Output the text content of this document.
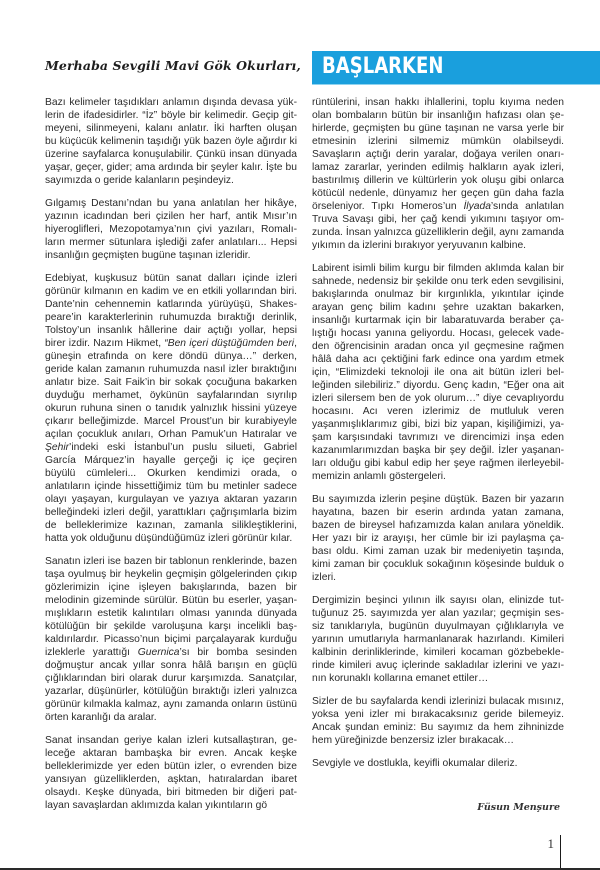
Merhaba Sevgili Mavi Gök Okurları, BAŞLARKEN

Bazı kelimeler taşıdıkları anlamın dışında devasa yüklerin de ifadesidirler. “İz” böyle bir kelimedir. Geçip gitmeyeni, silinmeyeni, kalanı anlatır. İki harften oluşan bu küçücük kelimenin taşıdığı yük bazen öyle ağırdır ki üzerine sayfalarca konuşulabilir. Çünkü insan dünyada yaşar, geçer, gider; ama ardında bir şeyler kalır. İşte bu sayımızda o geride kalanların peşindeyiz.

Gılgamış Destanı’ndan bu yana anlatılan her hikâye, yazının icadından beri çizilen her harf, antik Mısır’ın hiyeroglifleri, Mezopotamya’nın çivi yazıları, Romalıların mermer sütunlara işlediği zafer anlatıları... Hepsi insanlığın geçmişten bugüne taşınan izleridir.

Edebiyat, kuşkusuz bütün sanat dalları içinde izleri görünür kılmanın en kadim ve en etkili yollarından biri. Dante’nin cehennemin katlarında yürüyüşü, Shakespeare’in karakterlerinin ruhumuzda bıraktığı derinlik, Tolstoy’un insanlık hâllerine dair açtığı yollar, hepsi birer izdir. Nazım Hikmet, “Ben içeri düştüğümden beri, güneşin etrafında on kere döndü dünya…” derken, geride kalan zamanın ruhumuzda nasıl izler bıraktığını anlatır bize. Sait Faik’in bir sokak çocuğuna bakarken duyduğu merhamet, öykünün sayfalarından sıyrılıp okurun ruhuna sinen o tanıdık yalnızlık hissini yüzeye çıkarır belleğimizde. Marcel Proust’un bir kurabiyeyle açılan çocukluk anıları, Orhan Pamuk’un Hatıralar ve Şehir’indeki eski İstanbul’un puslu silueti, Gabriel García Márquez’in hayalle gerçeği iç içe geçiren büyülü cümleleri... Okurken kendimizi orada, o anlatıların içinde hissettiğimiz tüm bu metinler sadece olayı yaşayan, kurgulayan ve yazıya aktaran yazarın belleğindeki izleri değil, yarattıkları çağrışımlarla bizim de belleklerimize kazınan, zamanla silikleştiklerini, hatta yok olduğunu düşündüğümüz izleri görünür kılar.

Sanatın izleri ise bazen bir tablonun renklerinde, bazen taşa oyulmuş bir heykelin geçmişin gölgelerinden çıkıp gözlerimizin içine işleyen bakışlarında, bazen bir melodinin gizeminde sürülür. Bütün bu eserler, yaşanmışlıkların estetik kalıntıları olması yanında dünyada kötülüğün bir şekilde varoluşuna karşı incelikli başkaldırılardır. Picasso’nun biçimi parçalayarak kurduğu izleklerle yarattığı Guernica’sı bir bomba sesinden doğmuştur ancak yıllar sonra hâlâ barışın en güçlü çığlıklarından biri olarak durur karşımızda. Sanatçılar, yazarlar, düşünürler, kötülüğün bıraktığı izleri yalnızca görünür kılmakla kalmaz, aynı zamanda onların üstünü örten karanlığı da aralar.

Sanat insandan geriye kalan izleri kutsallaştıran, geleceğe aktaran bambaşka bir evren. Ancak keşke belleklerimizde yer eden bütün izler, o evrenden bize yansıyan güzelliklerden, aşktan, hatıralardan ibaret olsaydı. Keşke dünyada, biri bitmeden bir diğeri patlayan savaşlardan aklımızda kalan yıkıntıların gö

rüntülerini, insan hakkı ihlallerini, toplu kıyıma neden olan bombaların bütün bir insanlığın hafızası olan şehirlerde, geçmişten bu güne taşınan ne varsa yerle bir etmesinin izlerini silmemiz mümkün olabilseydi. Savaşların açtığı derin yaralar, doğaya verilen onarılamaz zararlar, yerinden edilmiş halkların ayak izleri, bastırılmış dillerin ve kültürlerin yok oluşu gibi onlarca kötücül nedenle, dünyamız her geçen gün daha fazla örseleniyor. Tıpkı Homeros’un İlyada’sında anlatılan Truva Savaşı gibi, her çağ kendi yıkımını taşıyor omzunda. İnsan yalnızca güzelliklerin değil, aynı zamanda yıkımın da izlerini bırakıyor yeryuvanın kalbine.

Labirent isimli bilim kurgu bir filmden aklımda kalan bir sahnede, nedensiz bir şekilde onu terk eden sevgilisini, bakışlarında onulmaz bir kırgınlıkla, yıkıntılar içinde arayan genç bilim kadını şehre uzaktan bakarken, insanlığı kurtarmak için bir labaratuvarda beraber çalıştığı hocası yanına geliyordu. Hocası, gelecek vadeden öğrencisinin aradan onca yıl geçmesine rağmen hâlâ daha acı çektiğini fark edince ona yardım etmek için, “Elimizdeki teknoloji ile ona ait bütün izleri belleğinden silebiliriz.” diyordu. Genç kadın, “Eğer ona ait izleri silersem ben de yok olurum…” diye cevaplıyordu hocasını. Acı veren izlerimiz de mutluluk veren yaşanmışlıklarımız gibi, bizi biz yapan, kişiliğimizi, yaşam karşısındaki tavrımızı ve direncimizi inşa eden kazanımlarımızdan başka bir şey değil. İzler yaşananları olduğu gibi kabul edip her şeye rağmen ilerleyebilmemizin anlamlı göstergeleri.

Bu sayımızda izlerin peşine düştük. Bazen bir yazarın hayatına, bazen bir eserin ardında yatan zamana, bazen de bireysel hafızamızda kalan anılara yöneldik. Her yazı bir iz arayışı, her cümle bir izi paylaşma çabası oldu. Kimi zaman uzak bir medeniyetin taşında, kimi zaman bir çocukluk sokağının köşesinde bulduk o izleri.

Dergimizin beşinci yılının ilk sayısı olan, elinizde tuttuğunuz 25. sayımızda yer alan yazılar; geçmişin sessiz tanıklarıyla, bugünün duyulmayan çığlıklarıyla ve yarının umutlarıyla harmanlanarak hazırlandı. Kimileri kalbinin derinliklerinde, kimileri kocaman gözbebeklerinde kimileri avuç içlerinde sakladılar izlerini ve yazının korunaklı kollarına emanet ettiler…

Sizler de bu sayfalarda kendi izlerinizi bulacak mısınız, yoksa yeni izler mi bırakacaksınız geride bilemeyiz. Ancak şundan eminiz: Bu sayımız da hem zihninizde hem yüreğinizde benzersiz izler bırakacak…

Sevgiyle ve dostlukla, keyifli okumalar dileriz.

Füsun Menşure
1
